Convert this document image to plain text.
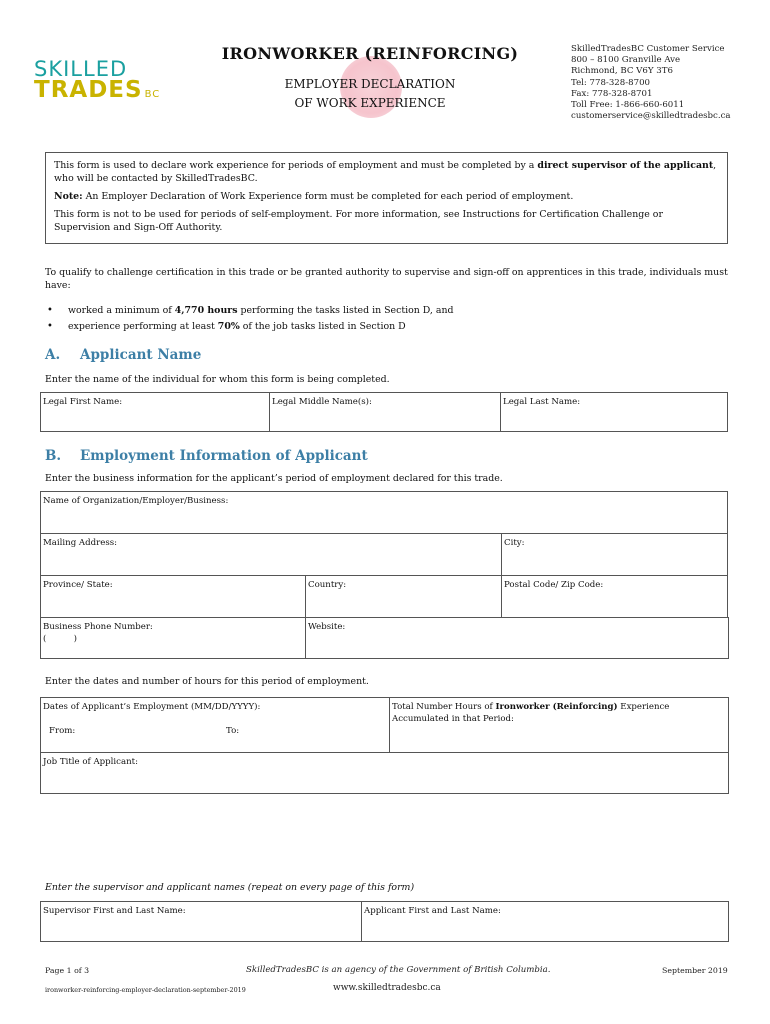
SKILLED
TRADES BC
IRONWORKER (REINFORCING)
EMPLOYER DECLARATION
OF WORK EXPERIENCE
SkilledTradesBC Customer Service
800 – 8100 Granville Ave
Richmond, BC V6Y 3T6
Tel: 778-328-8700
Fax: 778-328-8701
Toll Free: 1-866-660-6011
customerservice@skilledtradesbc.ca

This form is used to declare work experience for periods of employment and must be completed by a direct supervisor of the applicant, who will be contacted by SkilledTradesBC.

Note: An Employer Declaration of Work Experience form must be completed for each period of employment.

This form is not to be used for periods of self-employment. For more information, see Instructions for Certification Challenge or Supervision and Sign-Off Authority.

To qualify to challenge certification in this trade or be granted authority to supervise and sign-off on apprentices in this trade, individuals must have:
• worked a minimum of 4,770 hours performing the tasks listed in Section D, and
• experience performing at least 70% of the job tasks listed in Section D
A. Applicant Name
Enter the name of the individual for whom this form is being completed.
Legal First Name:	Legal Middle Name(s):	Legal Last Name:
B. Employment Information of Applicant
Enter the business information for the applicant’s period of employment declared for this trade.
Name of Organization/Employer/Business:
Mailing Address:	City:
Province/ State:	Country:	Postal Code/ Zip Code:
Business Phone Number:
(          )
Website:
Enter the dates and number of hours for this period of employment.
Dates of Applicant’s Employment (MM/DD/YYYY):
From:	To:
Total Number Hours of Ironworker (Reinforcing) Experience Accumulated in that Period:
Job Title of Applicant:
Enter the supervisor and applicant names (repeat on every page of this form)
Supervisor First and Last Name:	Applicant First and Last Name:
Page 1 of 3	SkilledTradesBC is an agency of the Government of British Columbia.	September 2019
ironworker-reinforcing-employer-declaration-september-2019	www.skilledtradesbc.ca
